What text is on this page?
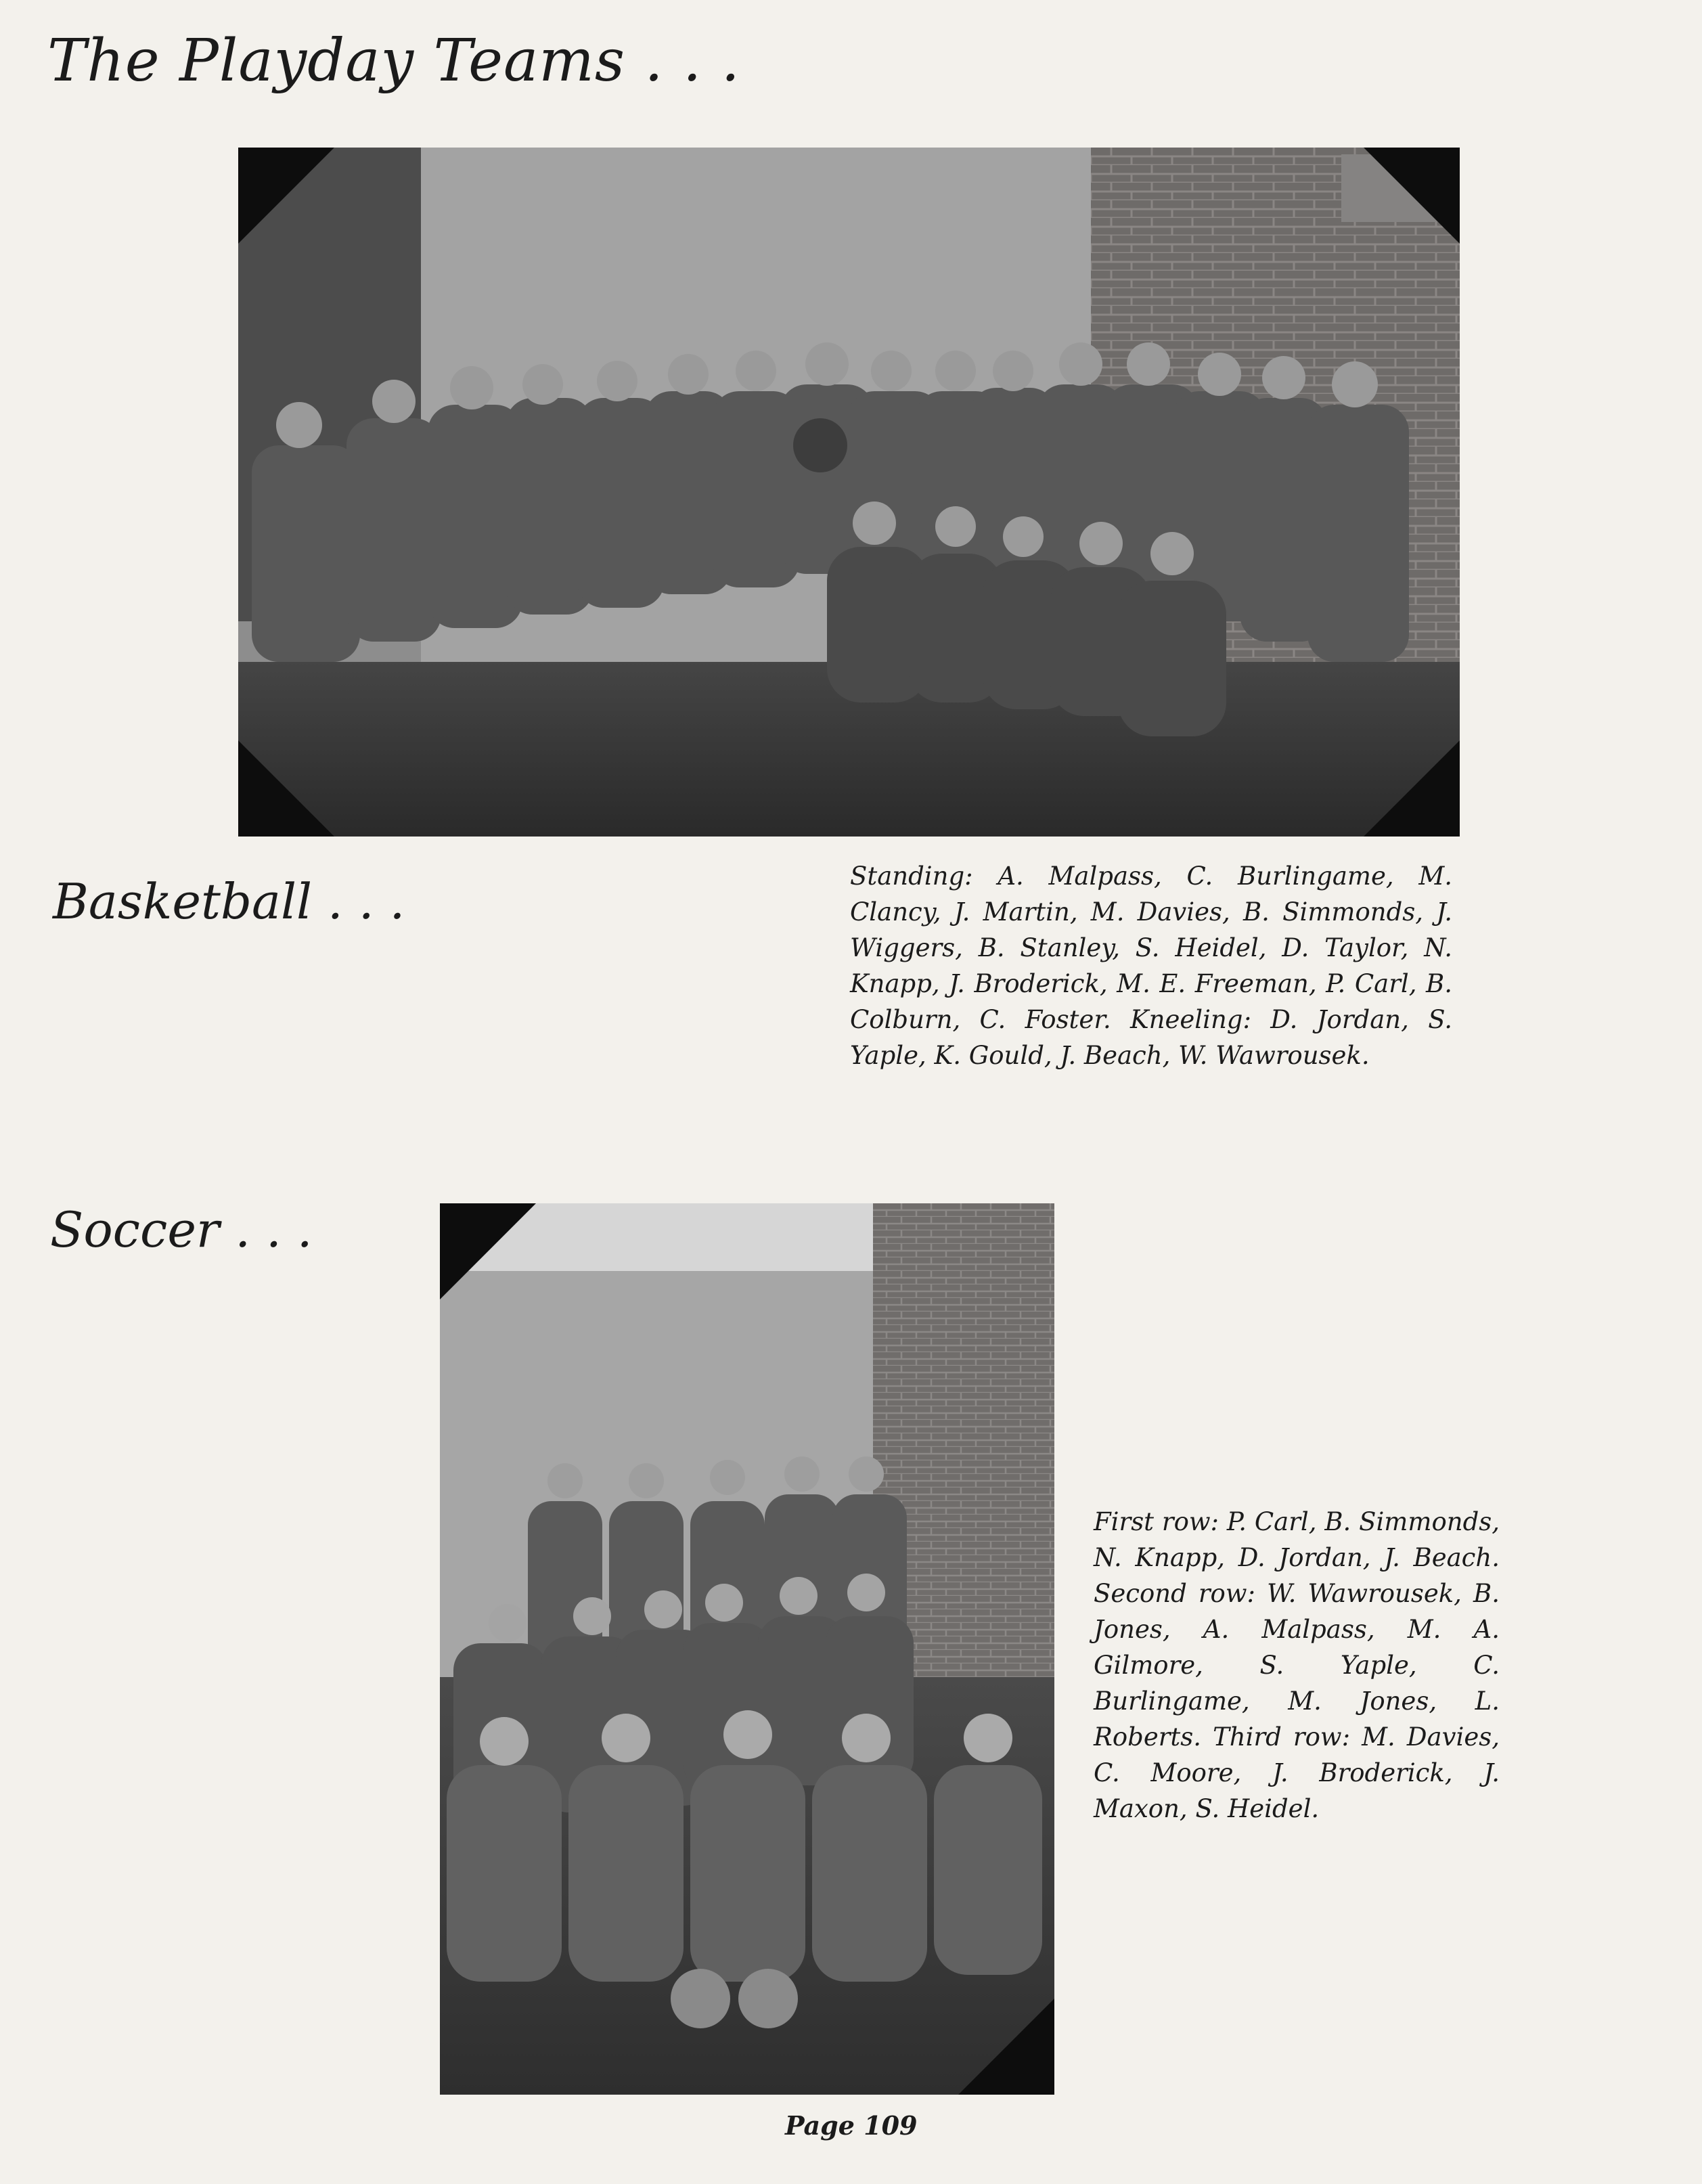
The Playday Teams . . .
Basketball . . .	Standing: A. Malpass, C. Burlingame, M. Clancy, J. Martin, M. Davies, B. Simmonds, J. Wiggers, B. Stanley, S. Heidel, D. Taylor, N. Knapp, J. Broderick, M. E. Freeman, P. Carl, B. Colburn, C. Foster. Kneeling: D. Jordan, S. Yaple, K. Gould, J. Beach, W. Wawrousek.
Soccer . . .
First row: P. Carl, B. Simmonds, N. Knapp, D. Jordan, J. Beach. Second row: W. Wawrousek, B. Jones, A. Malpass, M. A. Gilmore, S. Yaple, C. Burlingame, M. Jones, L. Roberts. Third row: M. Davies, C. Moore, J. Broderick, J. Maxon, S. Heidel.
Page 109
